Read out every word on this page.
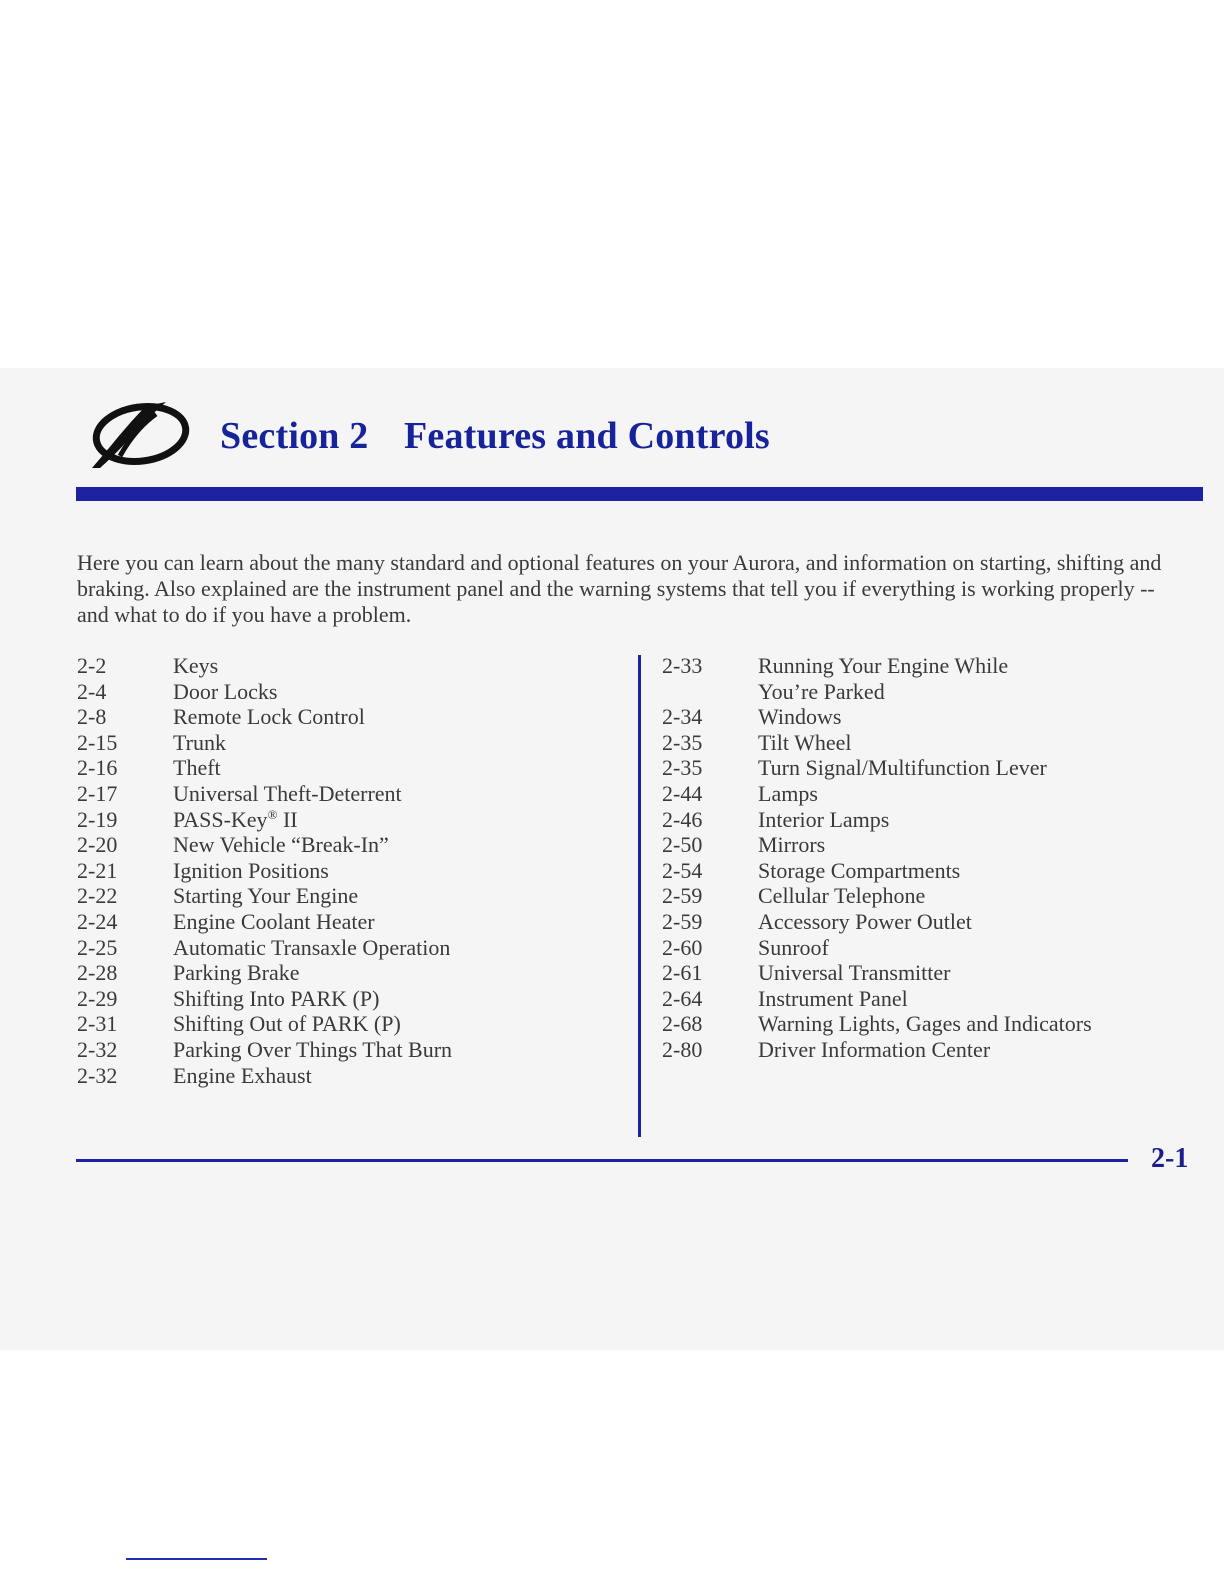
Section 2 Features and Controls

Here you can learn about the many standard and optional features on your Aurora, and information on starting, shifting and braking. Also explained are the instrument panel and the warning systems that tell you if everything is working properly -- and what to do if you have a problem.

2-2	Keys
2-4	Door Locks
2-8	Remote Lock Control
2-15	Trunk
2-16	Theft
2-17	Universal Theft-Deterrent
2-19	PASS-Key® II
2-20	New Vehicle “Break-In”
2-21	Ignition Positions
2-22	Starting Your Engine
2-24	Engine Coolant Heater
2-25	Automatic Transaxle Operation
2-28	Parking Brake
2-29	Shifting Into PARK (P)
2-31	Shifting Out of PARK (P)
2-32	Parking Over Things That Burn
2-32	Engine Exhaust
2-33	Running Your Engine While
You’re Parked
2-34	Windows
2-35	Tilt Wheel
2-35	Turn Signal/Multifunction Lever
2-44	Lamps
2-46	Interior Lamps
2-50	Mirrors
2-54	Storage Compartments
2-59	Cellular Telephone
2-59	Accessory Power Outlet
2-60	Sunroof
2-61	Universal Transmitter
2-64	Instrument Panel
2-68	Warning Lights, Gages and Indicators
2-80	Driver Information Center
2-1
